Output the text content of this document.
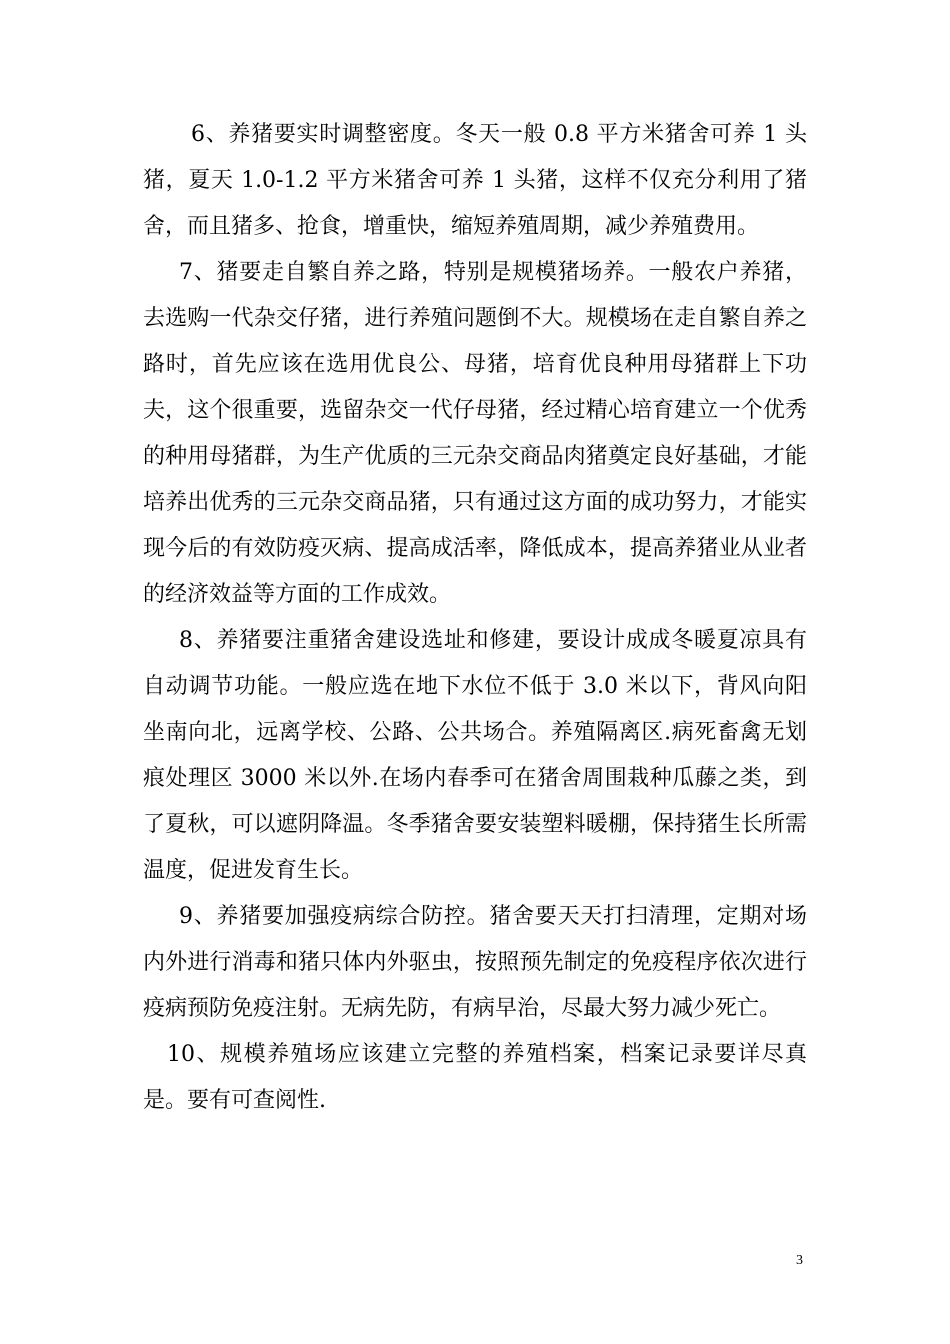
6、养猪要实时调整密度。冬天一般 0.8 平方米猪舍可养 1 头猪，夏天 1.0-1.2 平方米猪舍可养 1 头猪，这样不仅充分利用了猪舍，而且猪多、抢食，增重快，缩短养殖周期，减少养殖费用。

7、猪要走自繁自养之路，特别是规模猪场养。一般农户养猪，去选购一代杂交仔猪，进行养殖问题倒不大。规模场在走自繁自养之路时，首先应该在选用优良公、母猪，培育优良种用母猪群上下功夫，这个很重要，选留杂交一代仔母猪，经过精心培育建立一个优秀的种用母猪群，为生产优质的三元杂交商品肉猪奠定良好基础，才能培养出优秀的三元杂交商品猪，只有通过这方面的成功努力，才能实现今后的有效防疫灭病、提高成活率，降低成本，提高养猪业从业者的经济效益等方面的工作成效。

8、养猪要注重猪舍建设选址和修建，要设计成成冬暖夏凉具有自动调节功能。一般应选在地下水位不低于 3.0 米以下，背风向阳坐南向北，远离学校、公路、公共场合。养殖隔离区.病死畜禽无划痕处理区 3000 米以外.在场内春季可在猪舍周围栽种瓜藤之类，到了夏秋，可以遮阴降温。冬季猪舍要安装塑料暖棚，保持猪生长所需温度，促进发育生长。

9、养猪要加强疫病综合防控。猪舍要天天打扫清理，定期对场内外进行消毒和猪只体内外驱虫，按照预先制定的免疫程序依次进行疫病预防免疫注射。无病先防，有病早治，尽最大努力减少死亡。

10、规模养殖场应该建立完整的养殖档案，档案记录要详尽真是。要有可查阅性.

3
